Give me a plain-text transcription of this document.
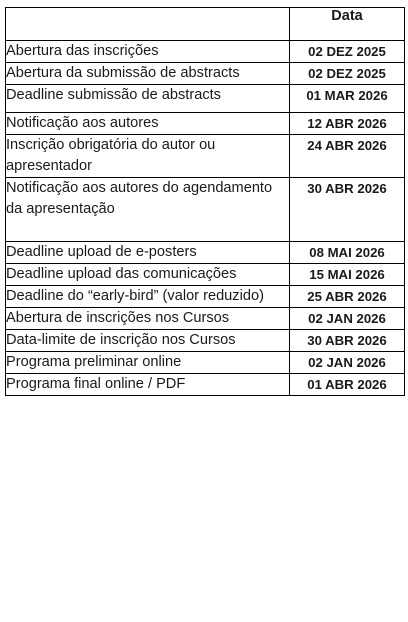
	Data
Abertura das inscrições	02 DEZ 2025
Abertura da submissão de abstracts	02 DEZ 2025
Deadline submissão de abstracts	01 MAR 2026
Notificação aos autores	12 ABR 2026
Inscrição obrigatória do autor ou apresentador	24 ABR 2026
Notificação aos autores do agendamento da apresentação	30 ABR 2026
Deadline upload de e-posters	08 MAI 2026
Deadline upload das comunicações	15 MAI 2026
Deadline do “early-bird” (valor reduzido)	25 ABR 2026
Abertura de inscrições nos Cursos	02 JAN 2026
Data-limite de inscrição nos Cursos	30 ABR 2026
Programa preliminar online	02 JAN 2026
Programa final online / PDF	01 ABR 2026
